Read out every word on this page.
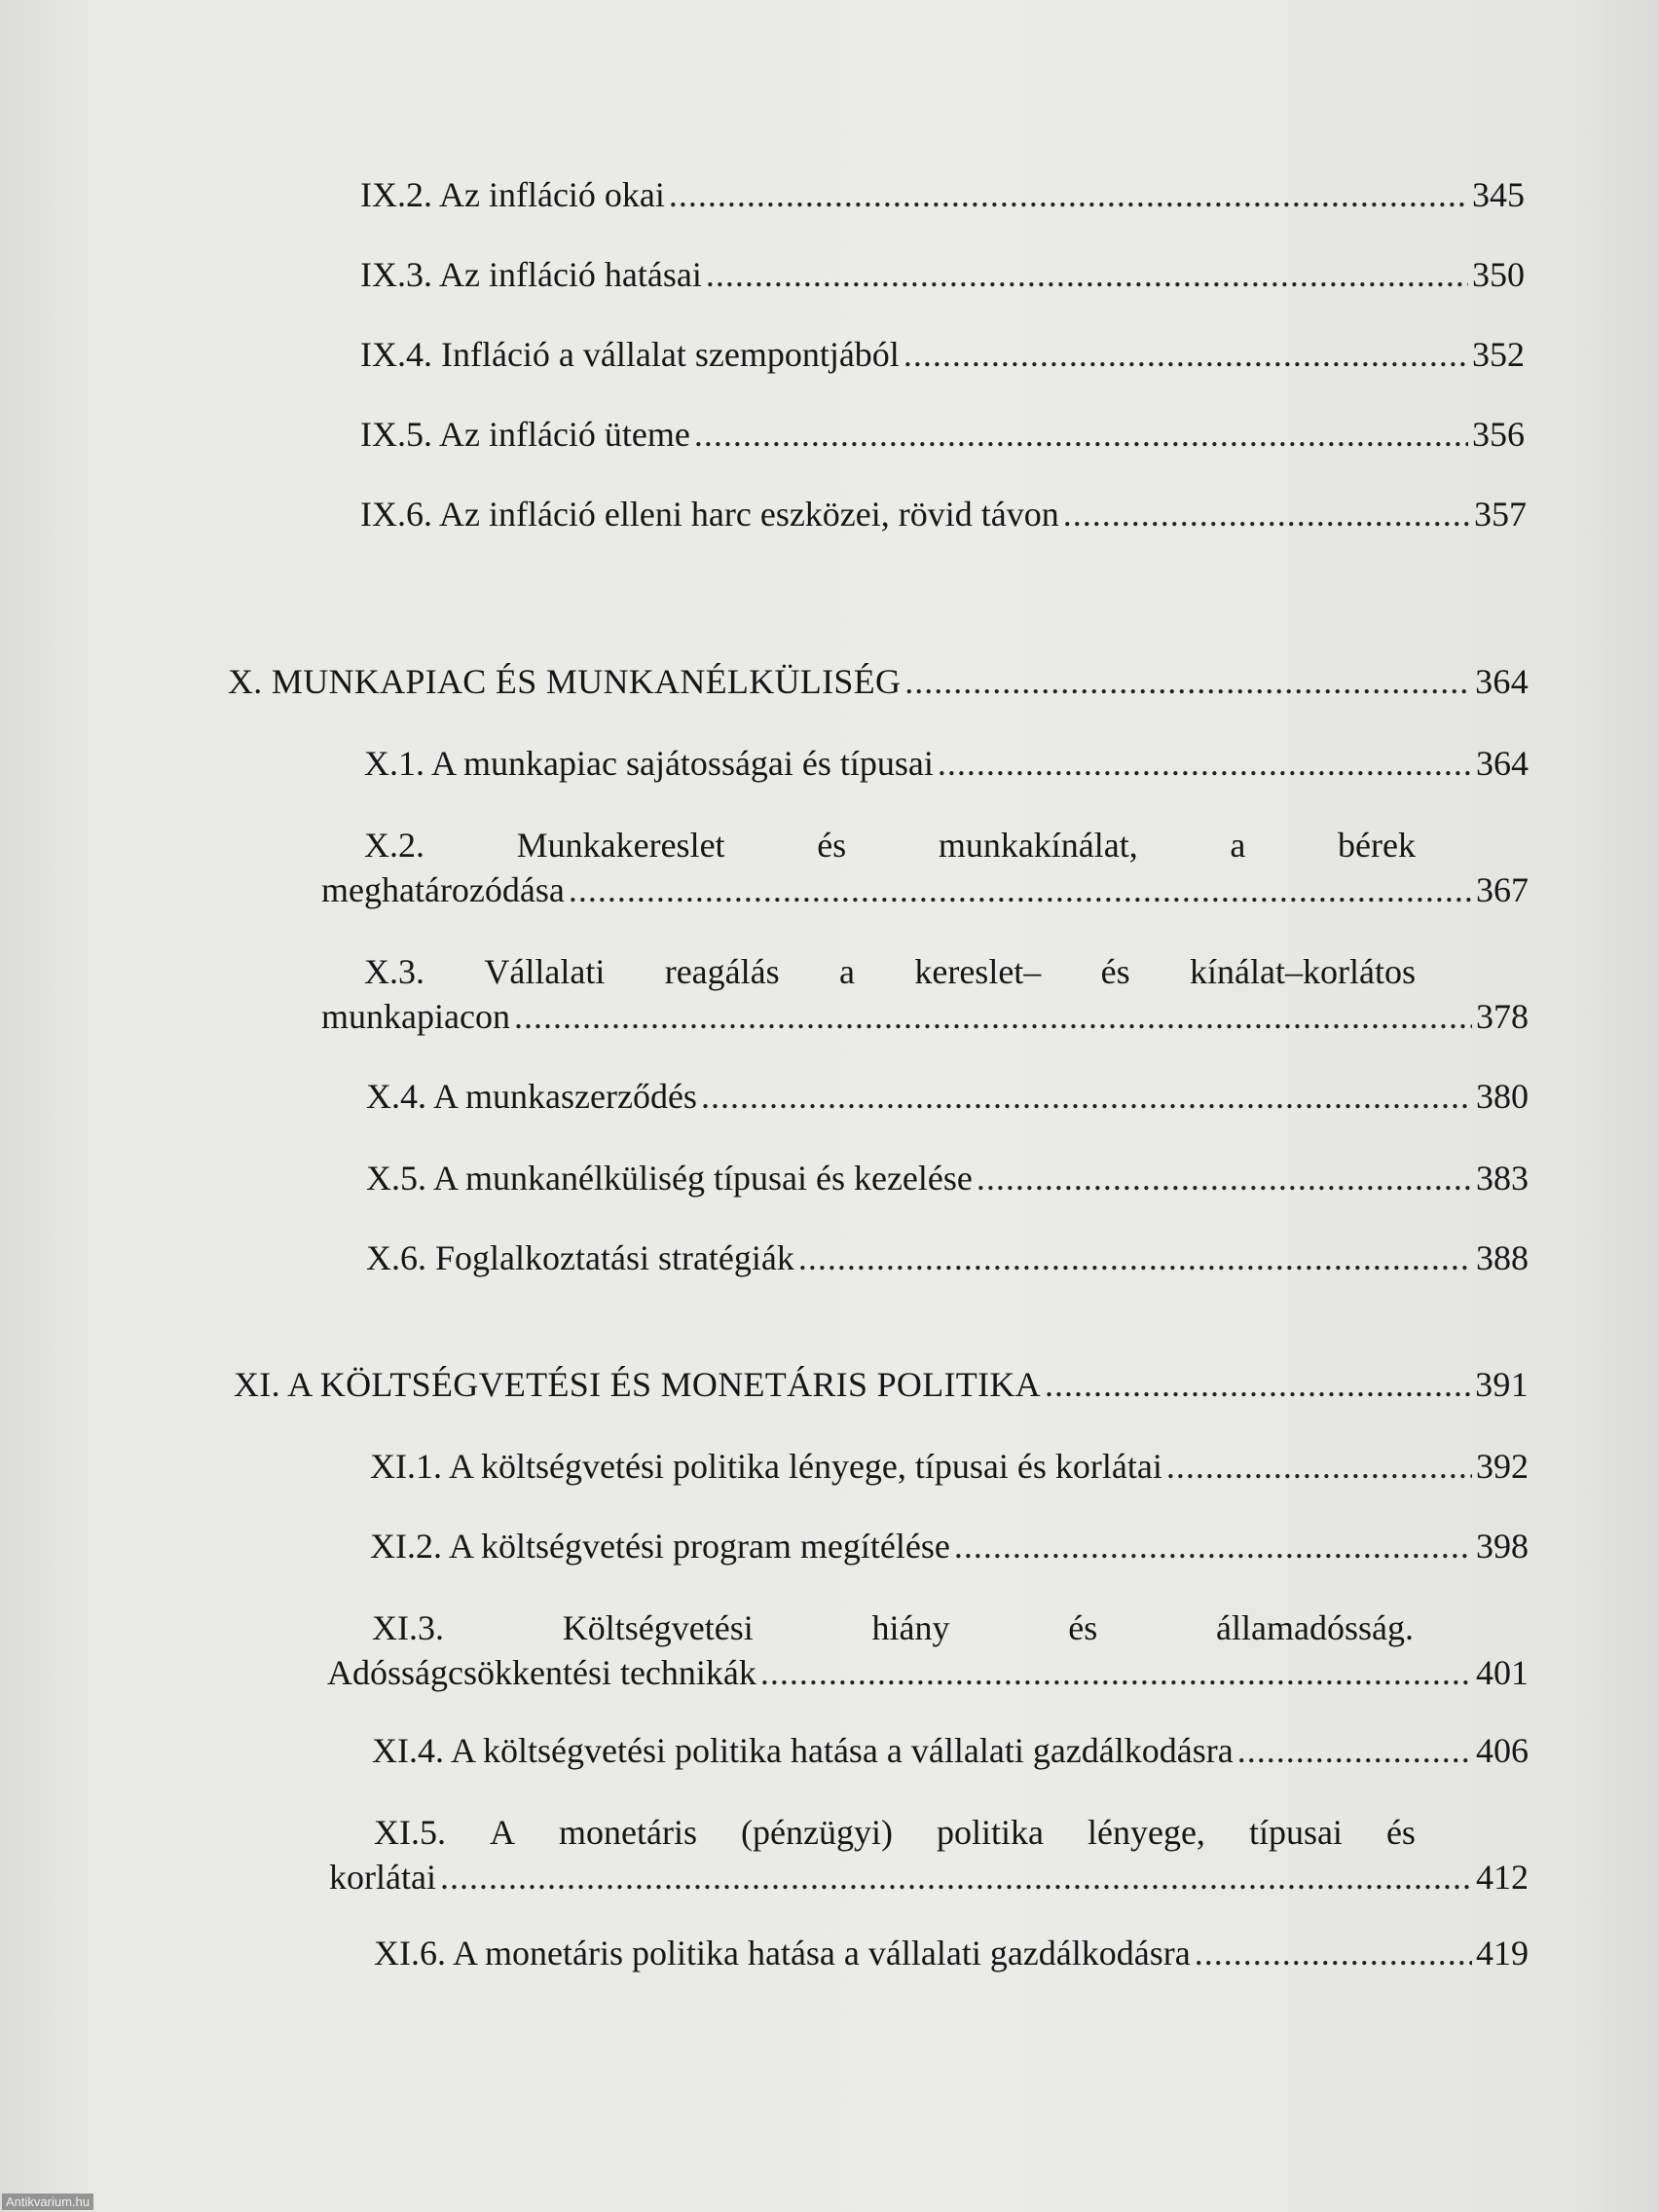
IX.2. Az infláció okai .....	345
IX.3. Az infláció hatásai .....	350
IX.4. Infláció a vállalat szempontjából .....	352
IX.5. Az infláció üteme .....	356
IX.6. Az infláció elleni harc eszközei, rövid távon .....	357
X. MUNKAPIAC ÉS MUNKANÉLKÜLISÉG .....	364
X.1. A munkapiac sajátosságai és típusai .....	364
X.2.	Munkakereslet	és	munkakínálat,	a	bérek
meghatározódása .....	367
X.3. Vállalati reagálás a kereslet– és kínálat–korlátos
munkapiacon .....	378
X.4. A munkaszerződés .....	380
X.5. A munkanélküliség típusai és kezelése .....	383
X.6. Foglalkoztatási stratégiák .....	388
XI. A KÖLTSÉGVETÉSI ÉS MONETÁRIS POLITIKA .....	391
XI.1. A költségvetési politika lényege, típusai és korlátai .....	392
XI.2. A költségvetési program megítélése .....	398
XI.3.	Költségvetési	hiány	és	államadósság.
Adósságcsökkentési technikák .....	401
XI.4. A költségvetési politika hatása a vállalati gazdálkodásra .....	406
XI.5. A monetáris (pénzügyi) politika lényege, típusai és
korlátai .....	412
XI.6. A monetáris politika hatása a vállalati gazdálkodásra .....	419
Antikvarium.hu
